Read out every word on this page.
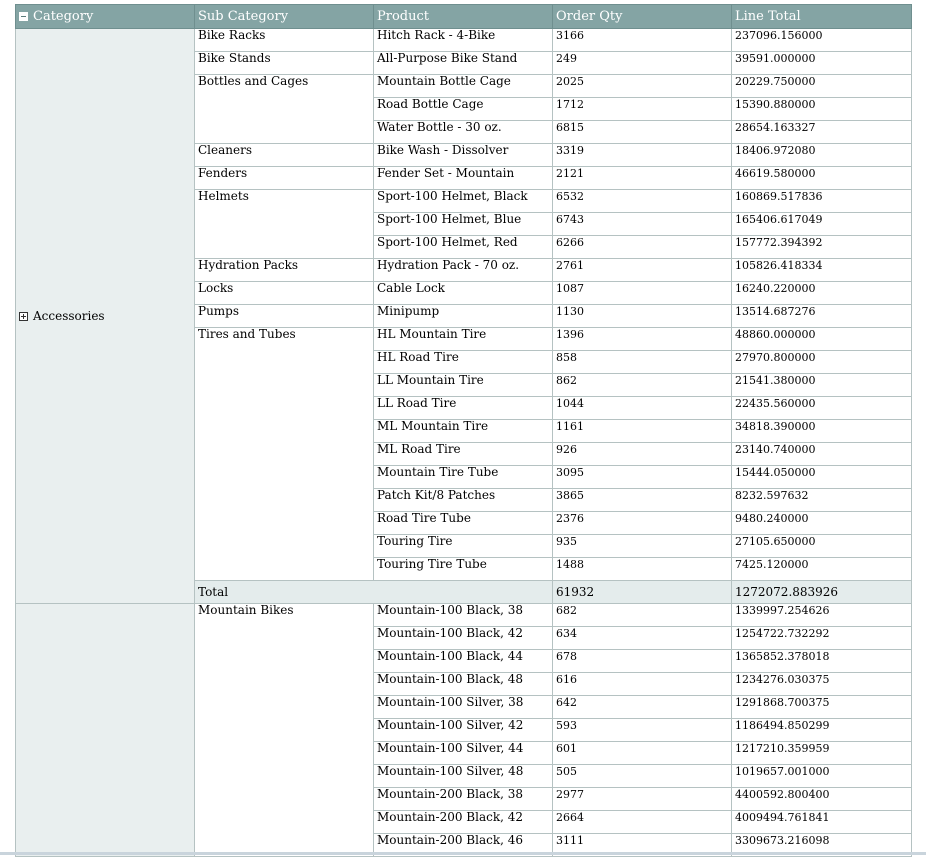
Category	Sub Category	Product	Order Qty	Line Total
Accessories	Bike Racks	Hitch Rack - 4-Bike	3166	237096.156000
	Bike Stands	All-Purpose Bike Stand	249	39591.000000
	Bottles and Cages	Mountain Bottle Cage	2025	20229.750000
		Road Bottle Cage	1712	15390.880000
		Water Bottle - 30 oz.	6815	28654.163327
	Cleaners	Bike Wash - Dissolver	3319	18406.972080
	Fenders	Fender Set - Mountain	2121	46619.580000
	Helmets	Sport-100 Helmet, Black	6532	160869.517836
		Sport-100 Helmet, Blue	6743	165406.617049
		Sport-100 Helmet, Red	6266	157772.394392
	Hydration Packs	Hydration Pack - 70 oz.	2761	105826.418334
	Locks	Cable Lock	1087	16240.220000
	Pumps	Minipump	1130	13514.687276
	Tires and Tubes	HL Mountain Tire	1396	48860.000000
		HL Road Tire	858	27970.800000
		LL Mountain Tire	862	21541.380000
		LL Road Tire	1044	22435.560000
		ML Mountain Tire	1161	34818.390000
		ML Road Tire	926	23140.740000
		Mountain Tire Tube	3095	15444.050000
		Patch Kit/8 Patches	3865	8232.597632
		Road Tire Tube	2376	9480.240000
		Touring Tire	935	27105.650000
		Touring Tire Tube	1488	7425.120000
	Total		61932	1272072.883926
	Mountain Bikes	Mountain-100 Black, 38	682	1339997.254626
		Mountain-100 Black, 42	634	1254722.732292
		Mountain-100 Black, 44	678	1365852.378018
		Mountain-100 Black, 48	616	1234276.030375
		Mountain-100 Silver, 38	642	1291868.700375
		Mountain-100 Silver, 42	593	1186494.850299
		Mountain-100 Silver, 44	601	1217210.359959
		Mountain-100 Silver, 48	505	1019657.001000
		Mountain-200 Black, 38	2977	4400592.800400
		Mountain-200 Black, 42	2664	4009494.761841
		Mountain-200 Black, 46	3111	3309673.216098
